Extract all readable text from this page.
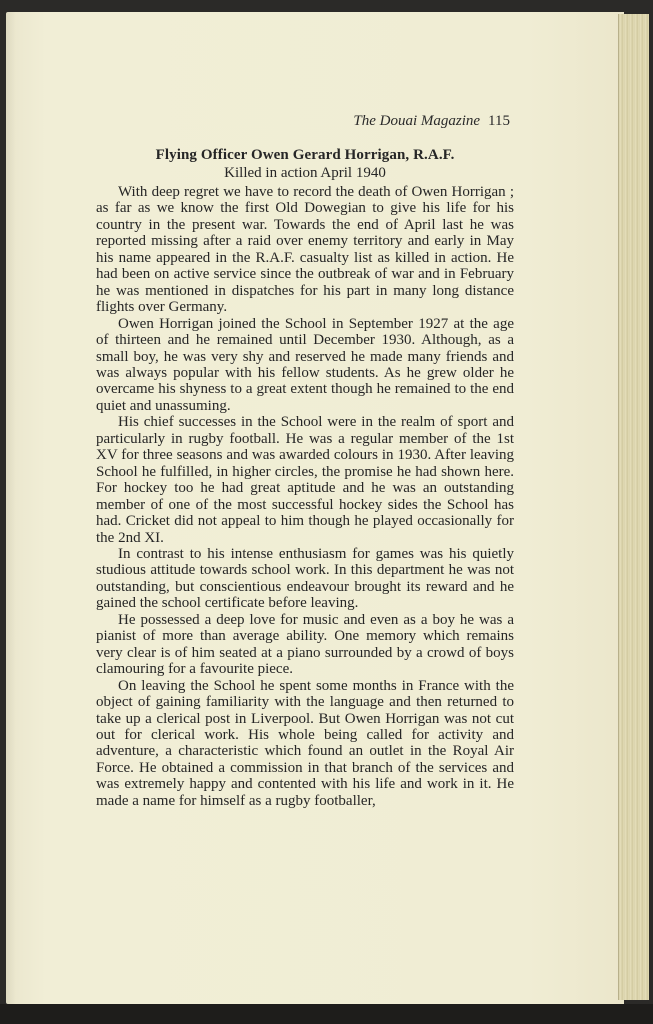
The Douai Magazine 115
Flying Officer Owen Gerard Horrigan, R.A.F.
Killed in action April 1940

With deep regret we have to record the death of Owen Horrigan ; as far as we know the first Old Dowegian to give his life for his country in the present war. Towards the end of April last he was reported missing after a raid over enemy territory and early in May his name appeared in the R.A.F. casualty list as killed in action. He had been on active service since the outbreak of war and in February he was mentioned in dispatches for his part in many long distance flights over Germany.

Owen Horrigan joined the School in September 1927 at the age of thirteen and he remained until December 1930. Although, as a small boy, he was very shy and reserved he made many friends and was always popular with his fellow students. As he grew older he overcame his shyness to a great extent though he remained to the end quiet and unassuming.

His chief successes in the School were in the realm of sport and particularly in rugby football. He was a regular member of the 1st XV for three seasons and was awarded colours in 1930. After leaving School he fulfilled, in higher circles, the promise he had shown here. For hockey too he had great aptitude and he was an outstanding member of one of the most successful hockey sides the School has had. Cricket did not appeal to him though he played occasionally for the 2nd XI.

In contrast to his intense enthusiasm for games was his quietly studious attitude towards school work. In this department he was not outstanding, but conscientious endeavour brought its reward and he gained the school certificate before leaving.

He possessed a deep love for music and even as a boy he was a pianist of more than average ability. One memory which remains very clear is of him seated at a piano surrounded by a crowd of boys clamouring for a favourite piece.

On leaving the School he spent some months in France with the object of gaining familiarity with the language and then returned to take up a clerical post in Liverpool. But Owen Horrigan was not cut out for clerical work. His whole being called for activity and adventure, a characteristic which found an outlet in the Royal Air Force. He obtained a commission in that branch of the services and was extremely happy and contented with his life and work in it. He made a name for himself as a rugby footballer,
